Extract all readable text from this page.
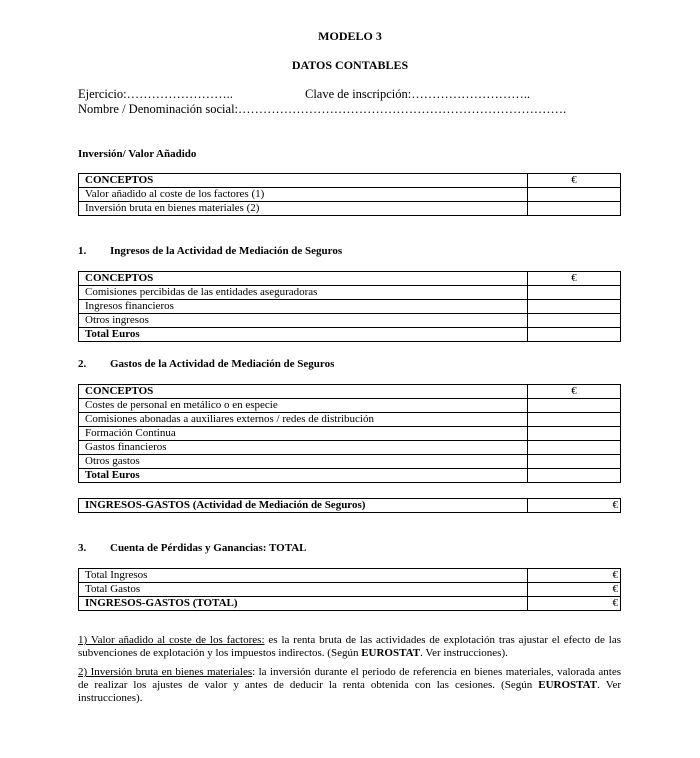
MODELO 3
DATOS CONTABLES
Ejercicio:……………………..	Clave de inscripción:………………………..
Nombre / Denominación social:…………………………………………………………………….
Inversión/ Valor Añadido
CONCEPTOS	€
Valor añadido al coste de los factores (1)	
Inversión bruta en bienes materiales (2)	
1. Ingresos de la Actividad de Mediación de Seguros
CONCEPTOS	€
Comisiones percibidas de las entidades aseguradoras	
Ingresos financieros	
Otros ingresos	
Total Euros	
2. Gastos de la Actividad de Mediación de Seguros
CONCEPTOS	€
Costes de personal en metálico o en especie	
Comisiones abonadas a auxiliares externos / redes de distribución	
Formación Continua	
Gastos financieros	
Otros gastos	
Total Euros	
INGRESOS-GASTOS (Actividad de Mediación de Seguros)	€
3. Cuenta de Pérdidas y Ganancias: TOTAL
Total Ingresos	€
Total Gastos	€
INGRESOS-GASTOS (TOTAL)	€
1) Valor añadido al coste de los factores: es la renta bruta de las actividades de explotación tras ajustar el efecto de las subvenciones de explotación y los impuestos indirectos. (Según EUROSTAT. Ver instrucciones).
2) Inversión bruta en bienes materiales: la inversión durante el periodo de referencia en bienes materiales, valorada antes de realizar los ajustes de valor y antes de deducir la renta obtenida con las cesiones. (Según EUROSTAT. Ver instrucciones).
